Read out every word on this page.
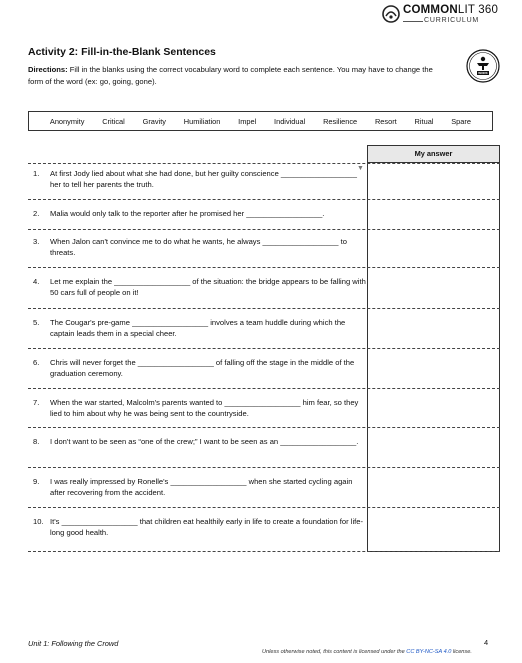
COMMONLIT 360
CURRICULUM
Activity 2: Fill-in-the-Blank Sentences
Directions: Fill in the blanks using the correct vocabulary word to complete each sentence. You may have to change the form of the word (ex: go, going, gone).
WORK
Anonymity Critical Gravity Humiliation Impel Individual Resilience Resort Ritual Spare
My answer
▼
1.	At first Jody lied about what she had done, but her guilty conscience __________________ her to tell her parents the truth.
2.	Malia would only talk to the reporter after he promised her __________________.
3.	When Jalon can't convince me to do what he wants, he always __________________ to threats.
4.	Let me explain the __________________ of the situation: the bridge appears to be falling with 50 cars full of people on it!
5.	The Cougar's pre-game __________________ involves a team huddle during which the captain leads them in a special cheer.
6.	Chris will never forget the __________________ of falling off the stage in the middle of the graduation ceremony.
7.	When the war started, Malcolm's parents wanted to __________________ him fear, so they lied to him about why he was being sent to the countryside.
8.	I don't want to be seen as “one of the crew;” I want to be seen as an __________________.
9.	I was really impressed by Ronelle's __________________ when she started cycling again after recovering from the accident.
10. It's __________________ that children eat healthily early in life to create a foundation for life-long good health.
Unit 1: Following the Crowd	4
Unless otherwise noted, this content is licensed under the CC BY-NC-SA 4.0 license.
